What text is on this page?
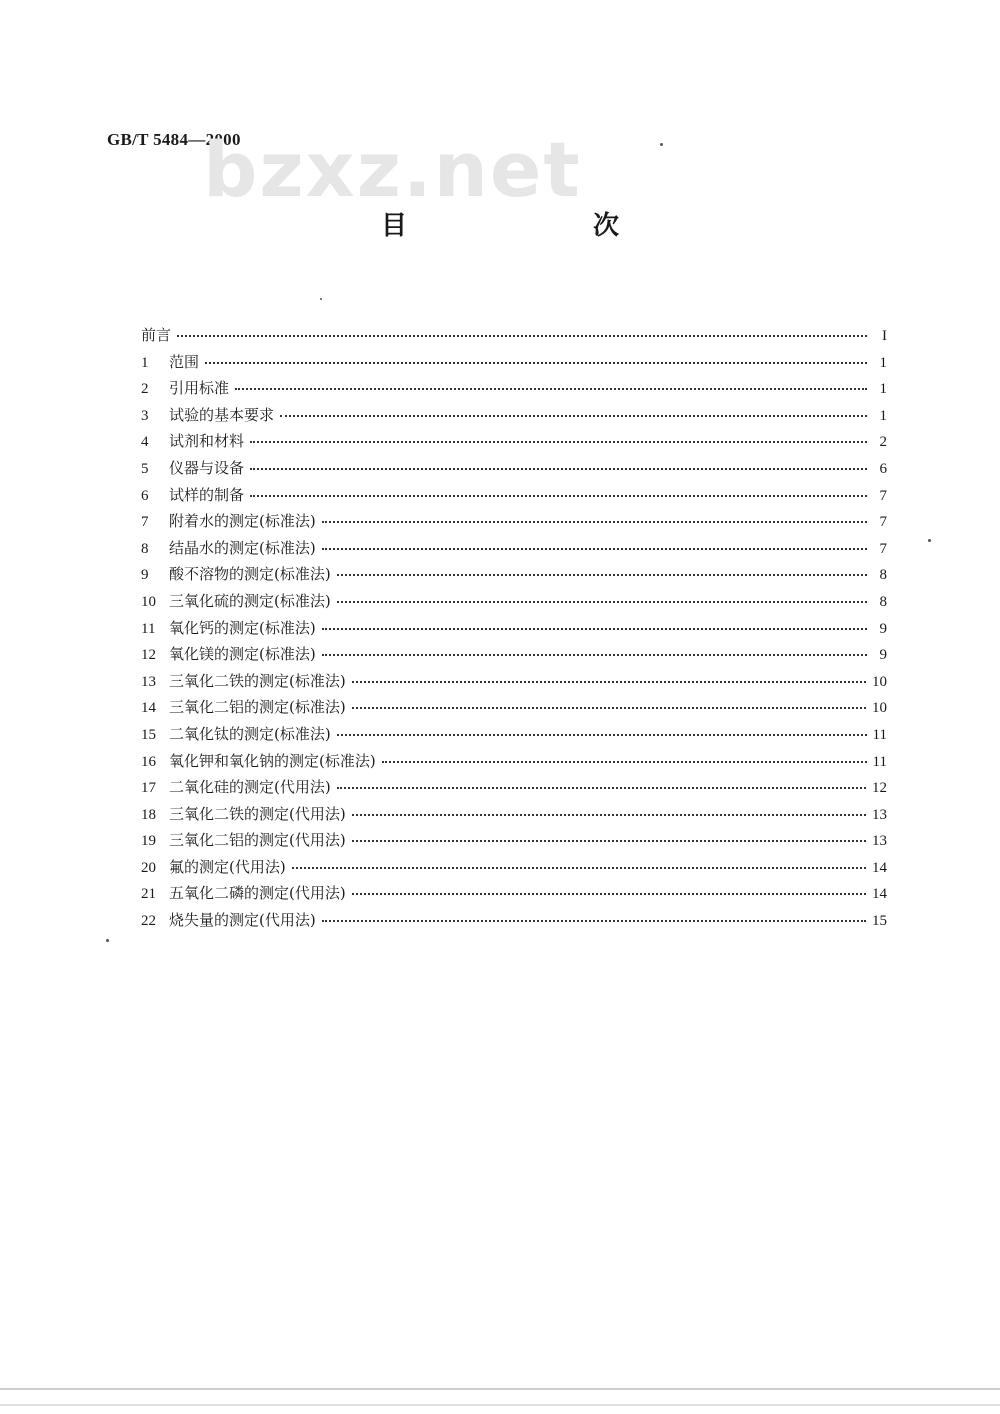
GB/T 5484—2000
bzxz.net
目　次
前言	I
1	范围	1
2	引用标准	1
3	试验的基本要求	1
4	试剂和材料	2
5	仪器与设备	6
6	试样的制备	7
7	附着水的测定(标准法)	7
8	结晶水的测定(标准法)	7
9	酸不溶物的测定(标准法)	8
10 三氧化硫的测定(标准法)	8
11 氧化钙的测定(标准法)	9
12 氧化镁的测定(标准法)	9
13 三氧化二铁的测定(标准法)	10
14 三氧化二铝的测定(标准法)	10
15 二氧化钛的测定(标准法)	11
16 氧化钾和氧化钠的测定(标准法)	11
17 二氧化硅的测定(代用法)	12
18 三氧化二铁的测定(代用法)	13
19 三氧化二铝的测定(代用法)	13
20 氟的测定(代用法)	14
21 五氧化二磷的测定(代用法)	14
22 烧失量的测定(代用法)	15
